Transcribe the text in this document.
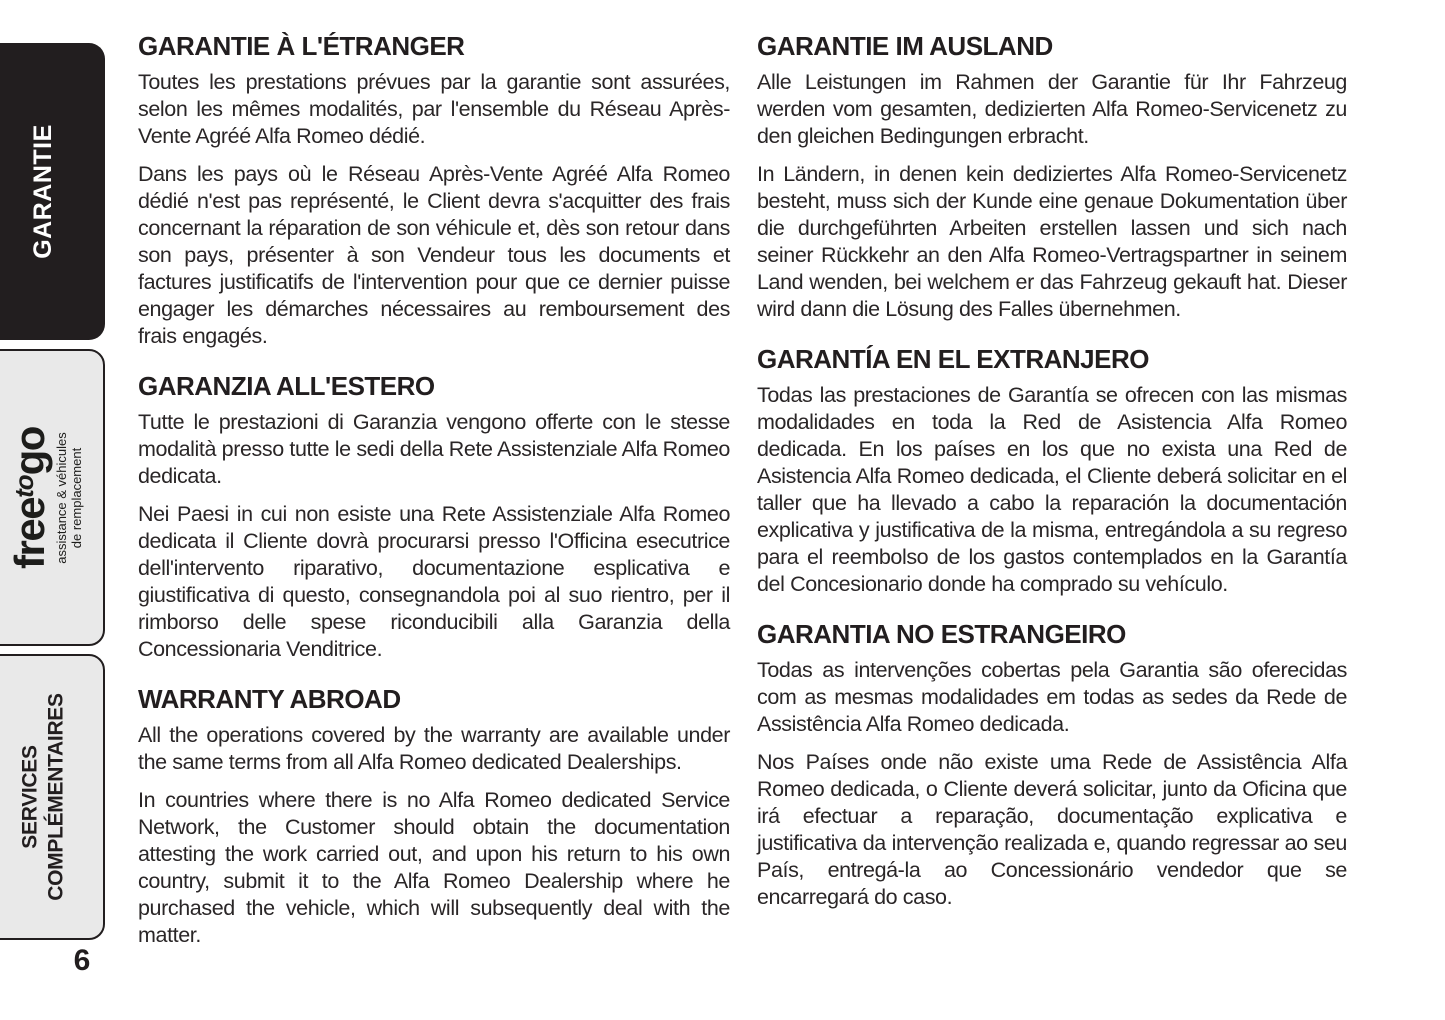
GARANTIE
free$^{to}$go assistance & véhicules de remplacement
SERVICES COMPLÉMENTAIRES
6
GARANTIE À L'ÉTRANGER

Toutes les prestations prévues par la garantie sont assurées, selon les mêmes modalités, par l'ensemble du Réseau Après-Vente Agréé Alfa Romeo dédié.

Dans les pays où le Réseau Après-Vente Agréé Alfa Romeo dédié n'est pas représenté, le Client devra s'acquitter des frais concernant la réparation de son véhicule et, dès son retour dans son pays, présenter à son Vendeur tous les documents et factures justificatifs de l'intervention pour que ce dernier puisse engager les démarches nécessaires au remboursement des frais engagés.

GARANZIA ALL'ESTERO

Tutte le prestazioni di Garanzia vengono offerte con le stesse modalità presso tutte le sedi della Rete Assistenziale Alfa Romeo dedicata.

Nei Paesi in cui non esiste una Rete Assistenziale Alfa Romeo dedicata il Cliente dovrà procurarsi presso l'Officina esecutrice dell'intervento riparativo, documentazione esplicativa e giustificativa di questo, consegnandola poi al suo rientro, per il rimborso delle spese riconducibili alla Garanzia della Concessionaria Venditrice.

WARRANTY ABROAD

All the operations covered by the warranty are available under the same terms from all Alfa Romeo dedicated Dealerships.

In countries where there is no Alfa Romeo dedicated Service Network, the Customer should obtain the documentation attesting the work carried out, and upon his return to his own country, submit it to the Alfa Romeo Dealership where he purchased the vehicle, which will subsequently deal with the matter.

GARANTIE IM AUSLAND

Alle Leistungen im Rahmen der Garantie für Ihr Fahrzeug werden vom gesamten, dedizierten Alfa Romeo-Servicenetz zu den gleichen Bedingungen erbracht.

In Ländern, in denen kein dediziertes Alfa Romeo-Servicenetz besteht, muss sich der Kunde eine genaue Dokumentation über die durchgeführten Arbeiten erstellen lassen und sich nach seiner Rückkehr an den Alfa Romeo-Vertragspartner in seinem Land wenden, bei welchem er das Fahrzeug gekauft hat. Dieser wird dann die Lösung des Falles übernehmen.

GARANTÍA EN EL EXTRANJERO

Todas las prestaciones de Garantía se ofrecen con las mismas modalidades en toda la Red de Asistencia Alfa Romeo dedicada. En los países en los que no exista una Red de Asistencia Alfa Romeo dedicada, el Cliente deberá solicitar en el taller que ha llevado a cabo la reparación la documentación explicativa y justificativa de la misma, entregándola a su regreso para el reembolso de los gastos contemplados en la Garantía del Concesionario donde ha comprado su vehículo.

GARANTIA NO ESTRANGEIRO

Todas as intervenções cobertas pela Garantia são oferecidas com as mesmas modalidades em todas as sedes da Rede de Assistência Alfa Romeo dedicada.

Nos Países onde não existe uma Rede de Assistência Alfa Romeo dedicada, o Cliente deverá solicitar, junto da Oficina que irá efectuar a reparação, documentação explicativa e justificativa da intervenção realizada e, quando regressar ao seu País, entregá-la ao Concessionário vendedor que se encarregará do caso.
